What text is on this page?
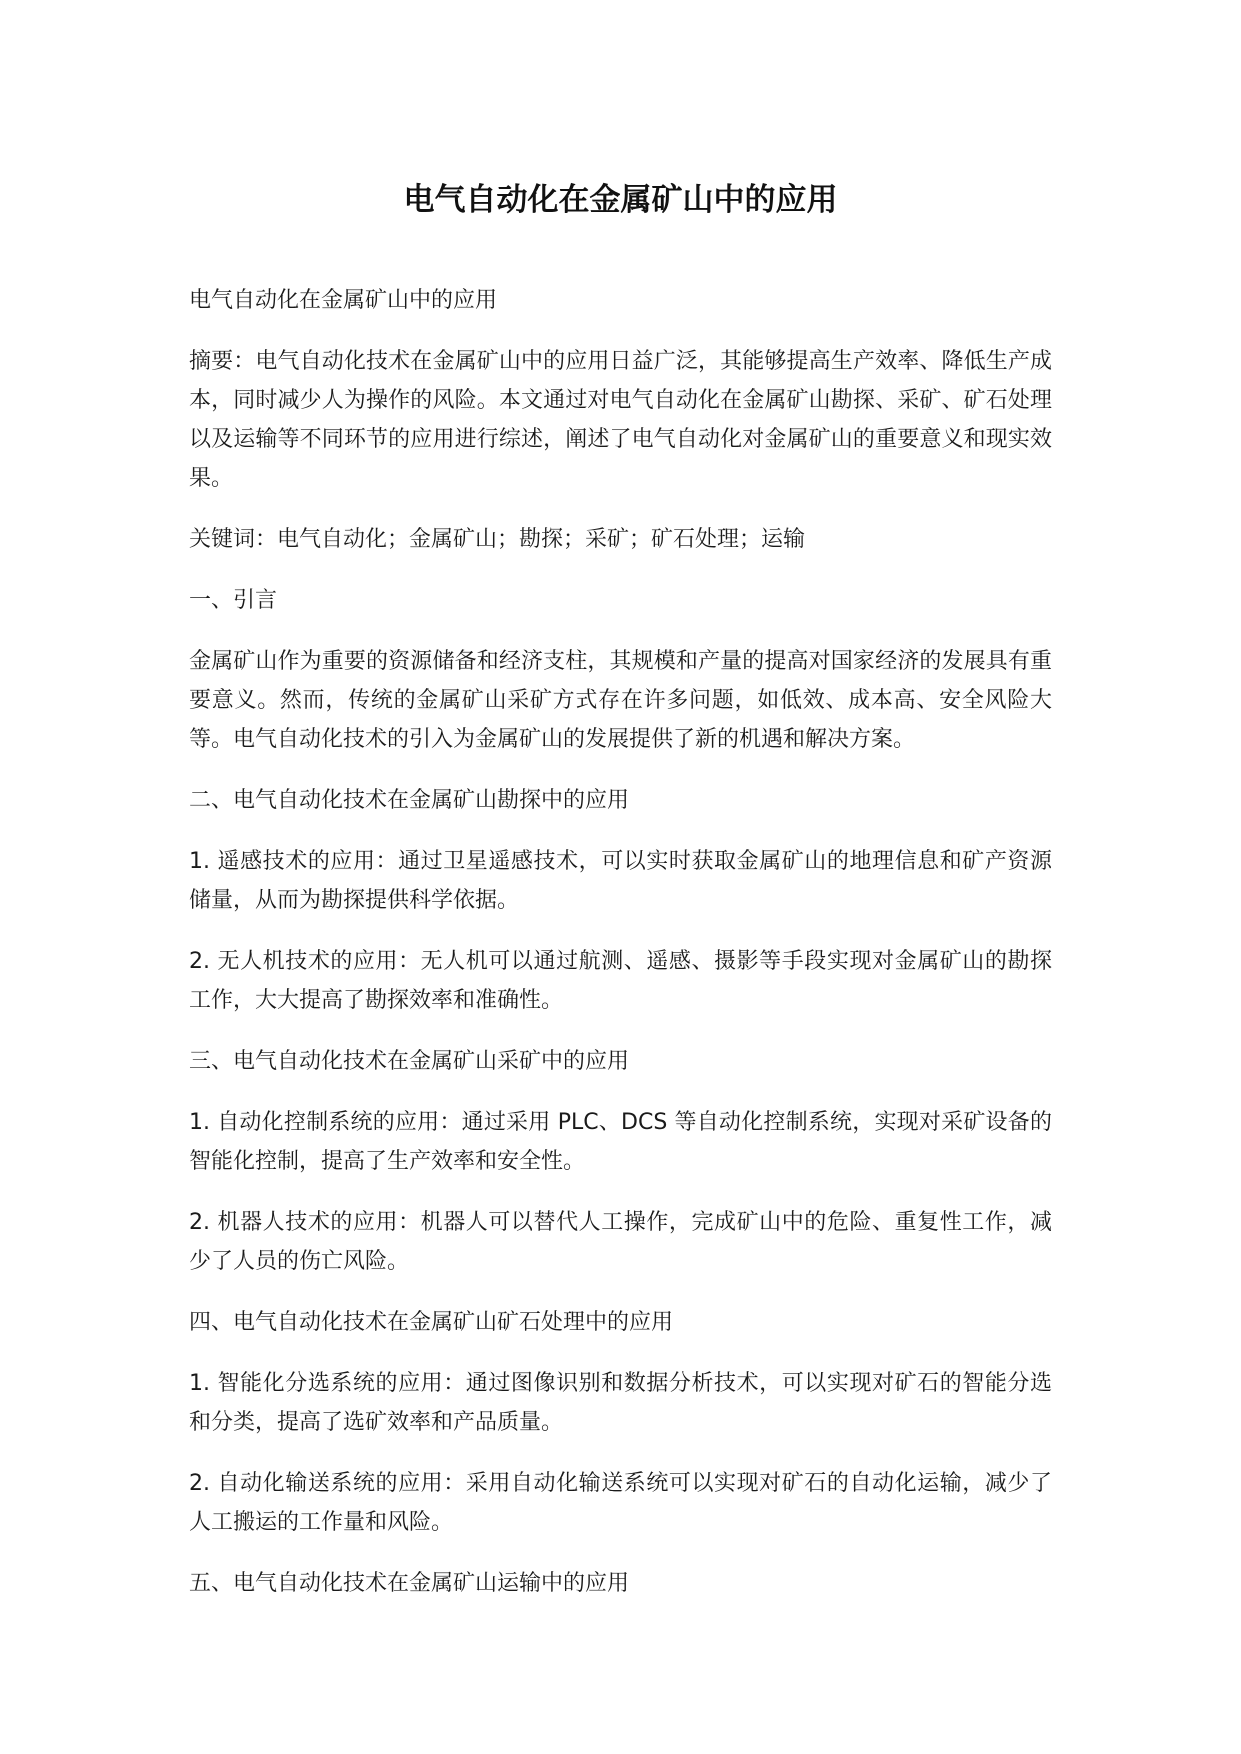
电气自动化在金属矿山中的应用

电气自动化在金属矿山中的应用

摘要：电气自动化技术在金属矿山中的应用日益广泛，其能够提高生产效率、降低生产成本，同时减少人为操作的风险。本文通过对电气自动化在金属矿山勘探、采矿、矿石处理以及运输等不同环节的应用进行综述，阐述了电气自动化对金属矿山的重要意义和现实效果。

关键词：电气自动化；金属矿山；勘探；采矿；矿石处理；运输

一、引言

金属矿山作为重要的资源储备和经济支柱，其规模和产量的提高对国家经济的发展具有重要意义。然而，传统的金属矿山采矿方式存在许多问题，如低效、成本高、安全风险大等。电气自动化技术的引入为金属矿山的发展提供了新的机遇和解决方案。

二、电气自动化技术在金属矿山勘探中的应用

1. 遥感技术的应用：通过卫星遥感技术，可以实时获取金属矿山的地理信息和矿产资源储量，从而为勘探提供科学依据。

2. 无人机技术的应用：无人机可以通过航测、遥感、摄影等手段实现对金属矿山的勘探工作，大大提高了勘探效率和准确性。

三、电气自动化技术在金属矿山采矿中的应用

1. 自动化控制系统的应用：通过采用 PLC、DCS 等自动化控制系统，实现对采矿设备的智能化控制，提高了生产效率和安全性。

2. 机器人技术的应用：机器人可以替代人工操作，完成矿山中的危险、重复性工作，减少了人员的伤亡风险。

四、电气自动化技术在金属矿山矿石处理中的应用

1. 智能化分选系统的应用：通过图像识别和数据分析技术，可以实现对矿石的智能分选和分类，提高了选矿效率和产品质量。

2. 自动化输送系统的应用：采用自动化输送系统可以实现对矿石的自动化运输，减少了人工搬运的工作量和风险。

五、电气自动化技术在金属矿山运输中的应用
